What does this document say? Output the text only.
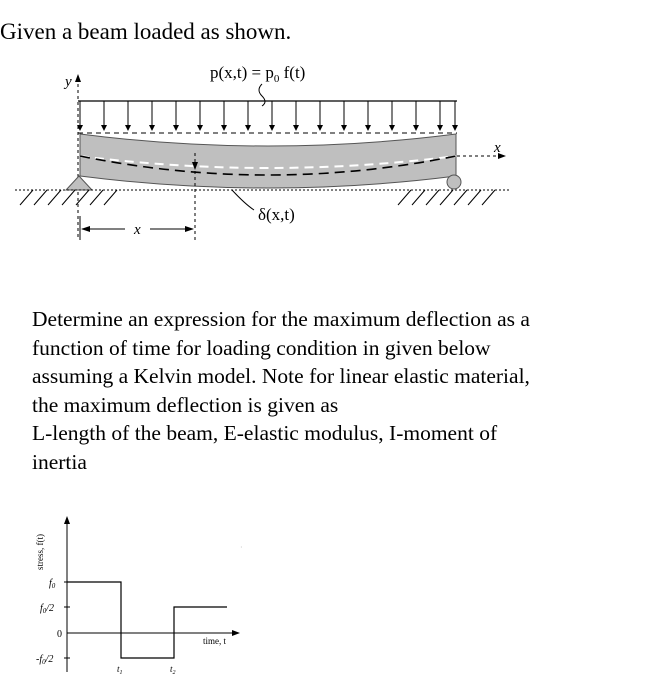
Given a beam loaded as shown.
$p(x,t) = p_0$ f(t)
y
x
x
δ(x,t)
Determine an expression for the maximum deflection as a
function of time for loading condition in given below
assuming a Kelvin model. Note for linear elastic material,
the maximum deflection is given as
L-length of the beam, E-elastic modulus, I-moment of
inertia
$f_0$
$f_0/2$
0
$-f_0/2$
$t_1$	$t_2$
time, t
stress, f(t)	·
